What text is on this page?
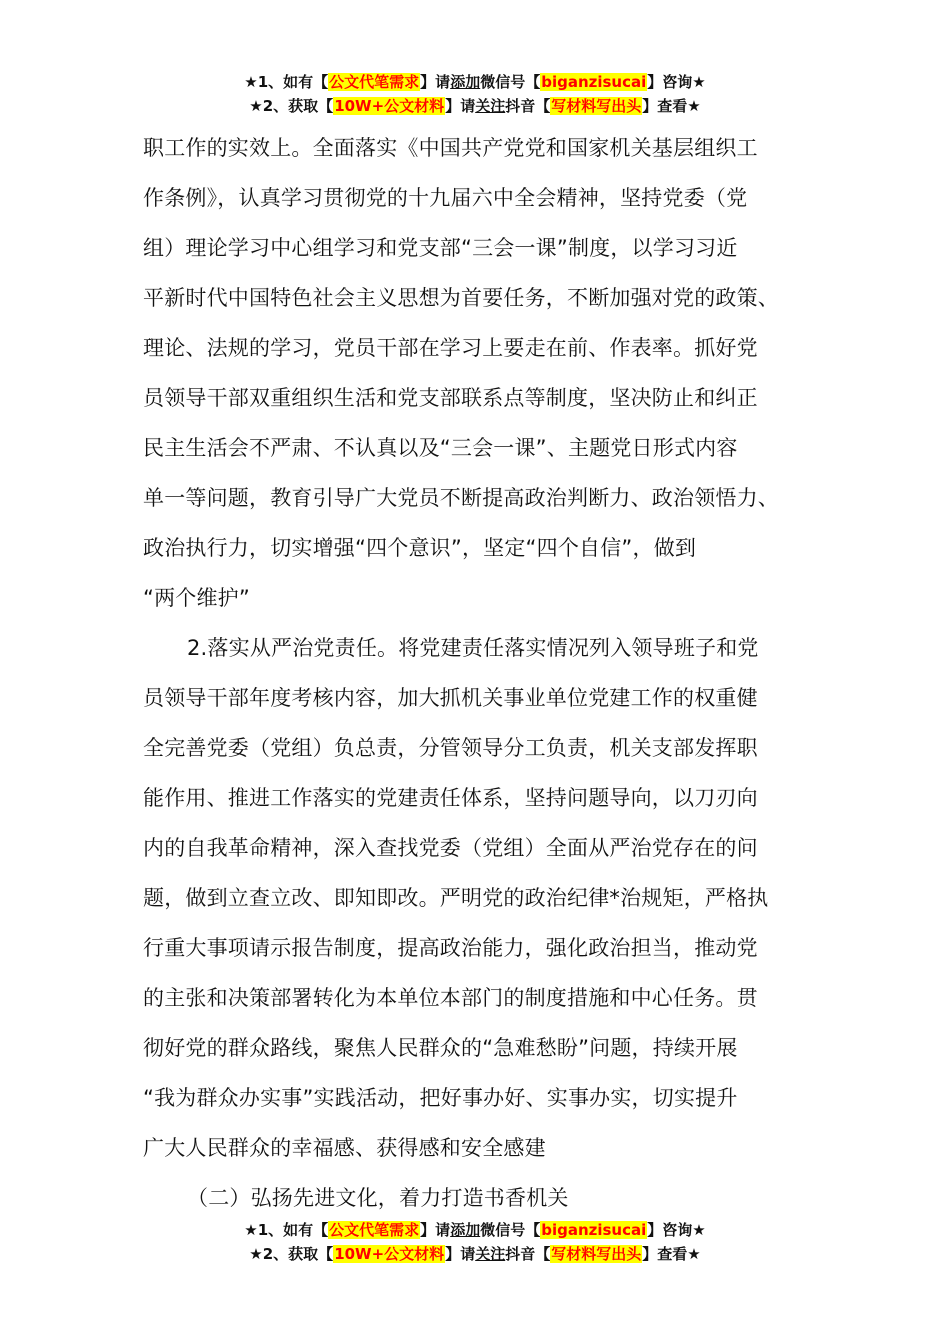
★1、如有【公文代笔需求】请添加微信号【biganzisucai】咨询★
★2、获取【10W+公文材料】请关注抖音【写材料写出头】查看★
职工作的实效上。全面落实《中国共产党党和国家机关基层组织工
作条例》，认真学习贯彻党的十九届六中全会精神，坚持党委（党
组）理论学习中心组学习和党支部“三会一课”制度，以学习习近
平新时代中国特色社会主义思想为首要任务，不断加强对党的政策、
理论、法规的学习，党员干部在学习上要走在前、作表率。抓好党
员领导干部双重组织生活和党支部联系点等制度，坚决防止和纠正
民主生活会不严肃、不认真以及“三会一课”、主题党日形式内容
单一等问题，教育引导广大党员不断提高政治判断力、政治领悟力、
政治执行力，切实增强“四个意识”，坚定“四个自信”，做到
“两个维护”
2.落实从严治党责任。将党建责任落实情况列入领导班子和党
员领导干部年度考核内容，加大抓机关事业单位党建工作的权重健
全完善党委（党组）负总责，分管领导分工负责，机关支部发挥职
能作用、推进工作落实的党建责任体系，坚持问题导向，以刀刃向
内的自我革命精神，深入查找党委（党组）全面从严治党存在的问
题，做到立查立改、即知即改。严明党的政治纪律*治规矩，严格执
行重大事项请示报告制度，提高政治能力，强化政治担当，推动党
的主张和决策部署转化为本单位本部门的制度措施和中心任务。贯
彻好党的群众路线，聚焦人民群众的“急难愁盼”问题，持续开展
“我为群众办实事”实践活动，把好事办好、实事办实，切实提升
广大人民群众的幸福感、获得感和安全感建
（二）弘扬先进文化，着力打造书香机关
★1、如有【公文代笔需求】请添加微信号【biganzisucai】咨询★
★2、获取【10W+公文材料】请关注抖音【写材料写出头】查看★
